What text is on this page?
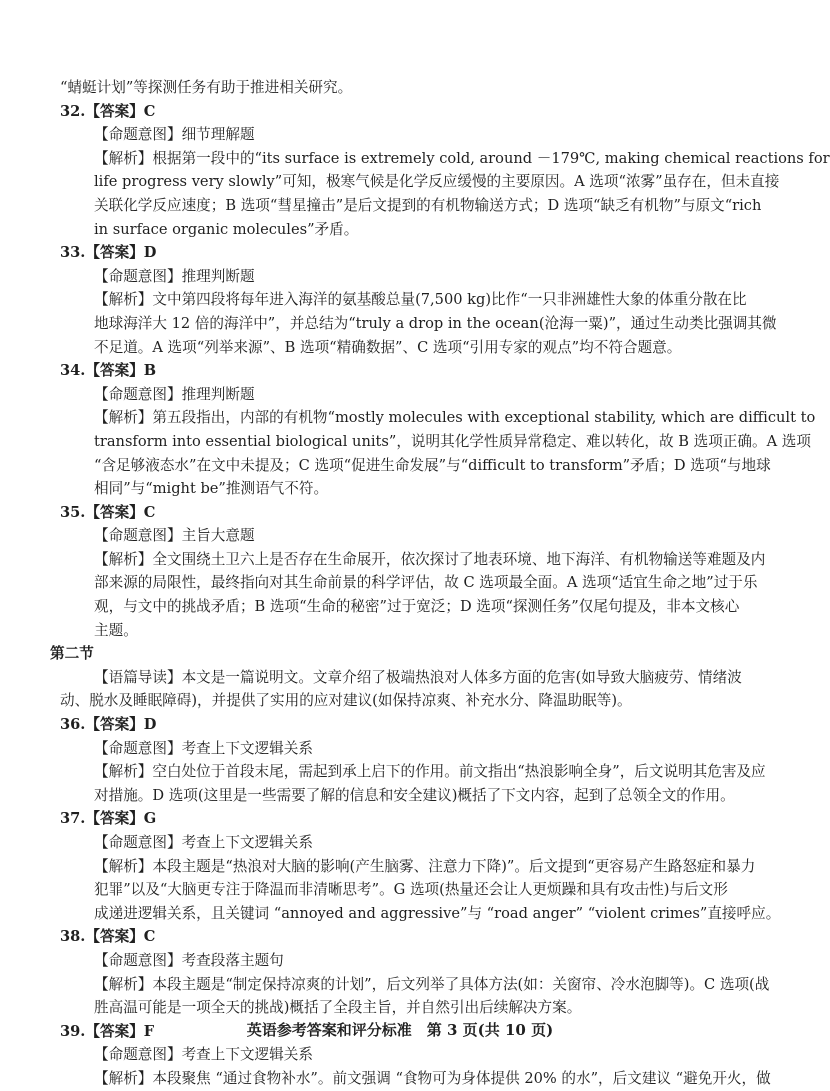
“蜻蜓计划”等探测任务有助于推进相关研究。
32.【答案】C
【命题意图】细节理解题
【解析】根据第一段中的“its surface is extremely cold, around －179℃, making chemical reactions for
life progress very slowly”可知，极寒气候是化学反应缓慢的主要原因。A 选项“浓雾”虽存在，但未直接
关联化学反应速度；B 选项“彗星撞击”是后文提到的有机物输送方式；D 选项“缺乏有机物”与原文“rich
in surface organic molecules”矛盾。
33.【答案】D
【命题意图】推理判断题
【解析】文中第四段将每年进入海洋的氨基酸总量(7,500 kg)比作“一只非洲雄性大象的体重分散在比
地球海洋大 12 倍的海洋中”，并总结为“truly a drop in the ocean(沧海一粟)”，通过生动类比强调其微
不足道。A 选项“列举来源”、B 选项“精确数据”、C 选项“引用专家的观点”均不符合题意。
34.【答案】B
【命题意图】推理判断题
【解析】第五段指出，内部的有机物“mostly molecules with exceptional stability, which are difficult to
transform into essential biological units”，说明其化学性质异常稳定、难以转化，故 B 选项正确。A 选项
“含足够液态水”在文中未提及；C 选项“促进生命发展”与“difficult to transform”矛盾；D 选项“与地球
相同”与“might be”推测语气不符。
35.【答案】C
【命题意图】主旨大意题
【解析】全文围绕土卫六上是否存在生命展开，依次探讨了地表环境、地下海洋、有机物输送等难题及内
部来源的局限性，最终指向对其生命前景的科学评估，故 C 选项最全面。A 选项“适宜生命之地”过于乐
观，与文中的挑战矛盾；B 选项“生命的秘密”过于宽泛；D 选项“探测任务”仅尾句提及，非本文核心
主题。
第二节
【语篇导读】本文是一篇说明文。文章介绍了极端热浪对人体多方面的危害(如导致大脑疲劳、情绪波
动、脱水及睡眠障碍)，并提供了实用的应对建议(如保持凉爽、补充水分、降温助眠等)。
36.【答案】D
【命题意图】考查上下文逻辑关系
【解析】空白处位于首段末尾，需起到承上启下的作用。前文指出“热浪影响全身”，后文说明其危害及应
对措施。D 选项(这里是一些需要了解的信息和安全建议)概括了下文内容，起到了总领全文的作用。
37.【答案】G
【命题意图】考查上下文逻辑关系
【解析】本段主题是“热浪对大脑的影响(产生脑雾、注意力下降)”。后文提到“更容易产生路怒症和暴力
犯罪”以及“大脑更专注于降温而非清晰思考”。G 选项(热量还会让人更烦躁和具有攻击性)与后文形
成递进逻辑关系，且关键词 “annoyed and aggressive”与 “road anger” “violent crimes”直接呼应。
38.【答案】C
【命题意图】考查段落主题句
【解析】本段主题是“制定保持凉爽的计划”，后文列举了具体方法(如：关窗帘、冷水泡脚等)。C 选项(战
胜高温可能是一项全天的挑战)概括了全段主旨，并自然引出后续解决方案。
39.【答案】F
【命题意图】考查上下文逻辑关系
【解析】本段聚焦 “通过食物补水”。前文强调 “食物可为身体提供 20% 的水”，后文建议 “避免开火，做
英语参考答案和评分标准　第 3 页(共 10 页)
